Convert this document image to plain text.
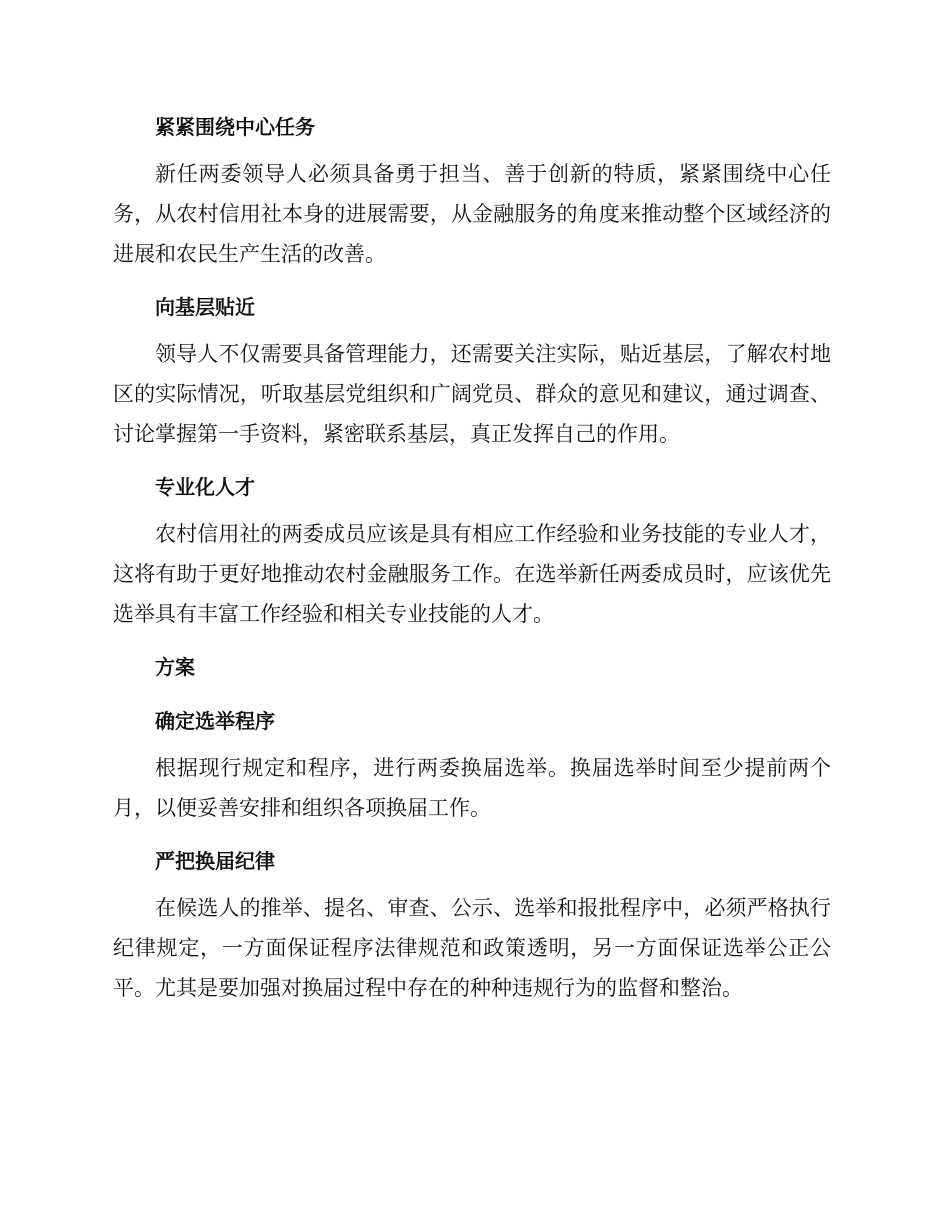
紧紧围绕中心任务

新任两委领导人必须具备勇于担当、善于创新的特质，紧紧围绕中心任务，从农村信用社本身的进展需要，从金融服务的角度来推动整个区域经济的进展和农民生产生活的改善。

向基层贴近

领导人不仅需要具备管理能力，还需要关注实际，贴近基层，了解农村地区的实际情况，听取基层党组织和广阔党员、群众的意见和建议，通过调查、讨论掌握第一手资料，紧密联系基层，真正发挥自己的作用。

专业化人才

农村信用社的两委成员应该是具有相应工作经验和业务技能的专业人才，这将有助于更好地推动农村金融服务工作。在选举新任两委成员时，应该优先选举具有丰富工作经验和相关专业技能的人才。

方案
确定选举程序

根据现行规定和程序，进行两委换届选举。换届选举时间至少提前两个月，以便妥善安排和组织各项换届工作。

严把换届纪律

在候选人的推举、提名、审查、公示、选举和报批程序中，必须严格执行纪律规定，一方面保证程序法律规范和政策透明，另一方面保证选举公正公平。尤其是要加强对换届过程中存在的种种违规行为的监督和整治。
